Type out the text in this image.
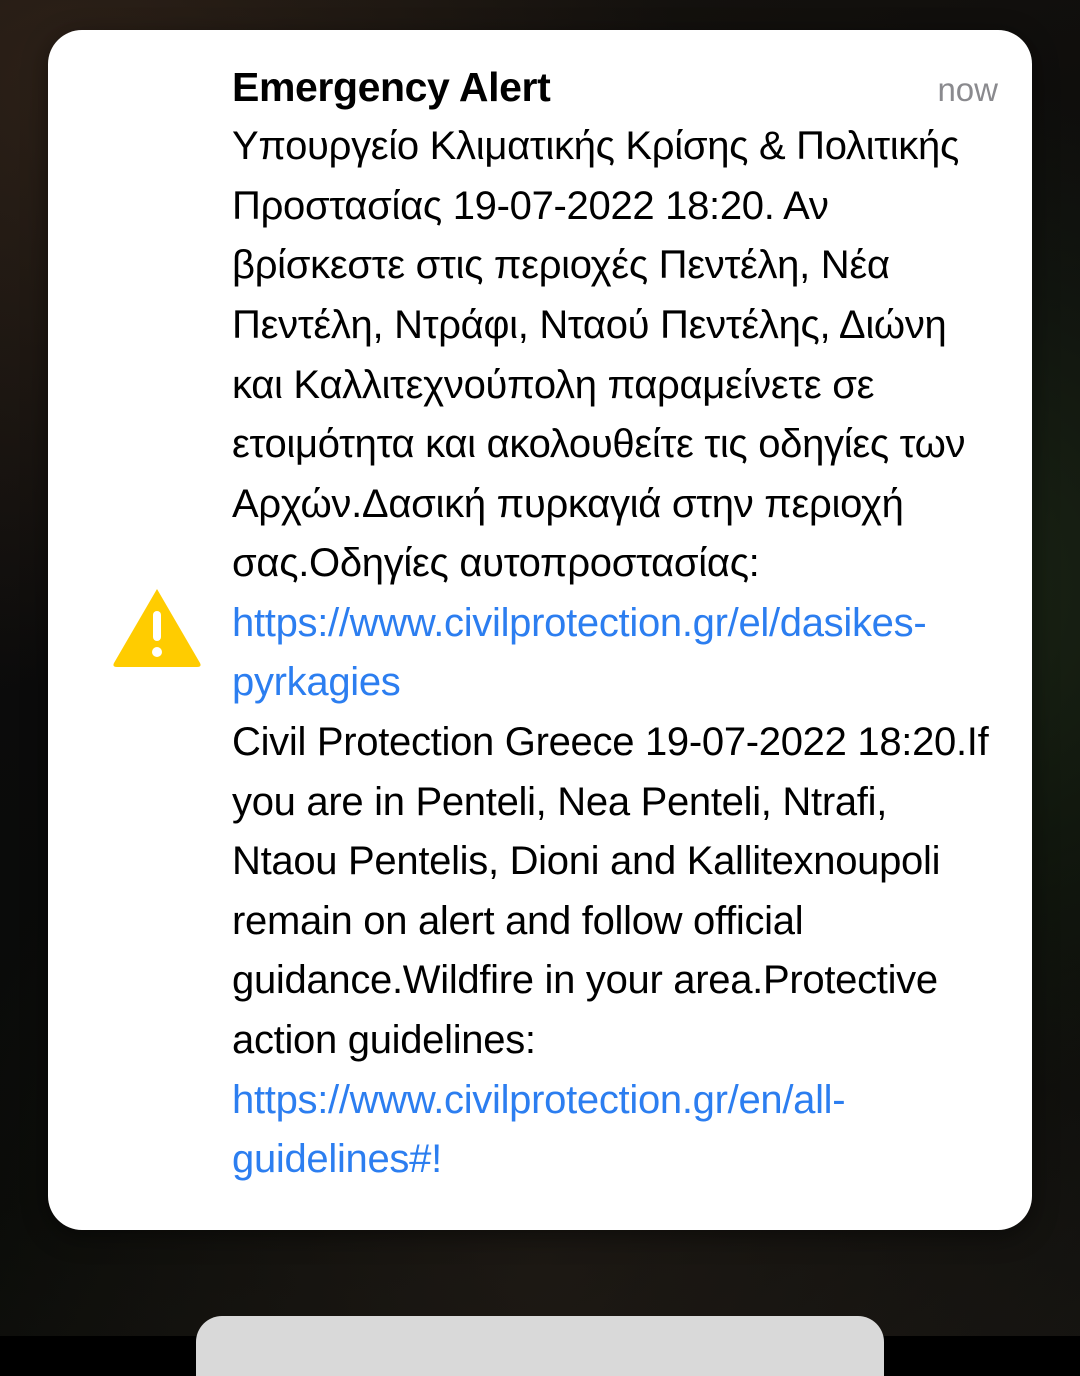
Emergency Alert	now
Υπουργείο Κλιματικής Κρίσης & Πολιτικής Προστασίας 19-07-2022 18:20. Αν βρίσκεστε στις περιοχές Πεντέλη, Νέα Πεντέλη, Ντράφι, Νταού Πεντέλης, Διώνη και Καλλιτεχνούπολη παραμείνετε σε ετοιμότητα και ακολουθείτε τις οδηγίες των Αρχών.Δασική πυρκαγιά στην περιοχή σας.Οδηγίες αυτοπροστασίας: https://www.civilprotection.gr/el/dasikes-pyrkagies
Civil Protection Greece 19-07-2022 18:20.If you are in Penteli, Nea Penteli, Ntrafi, Ntaou Pentelis, Dioni and Kallitexnoupoli remain on alert and follow official guidance.Wildfire in your area.Protective action guidelines: https://www.civilprotection.gr/en/all-guidelines#!
